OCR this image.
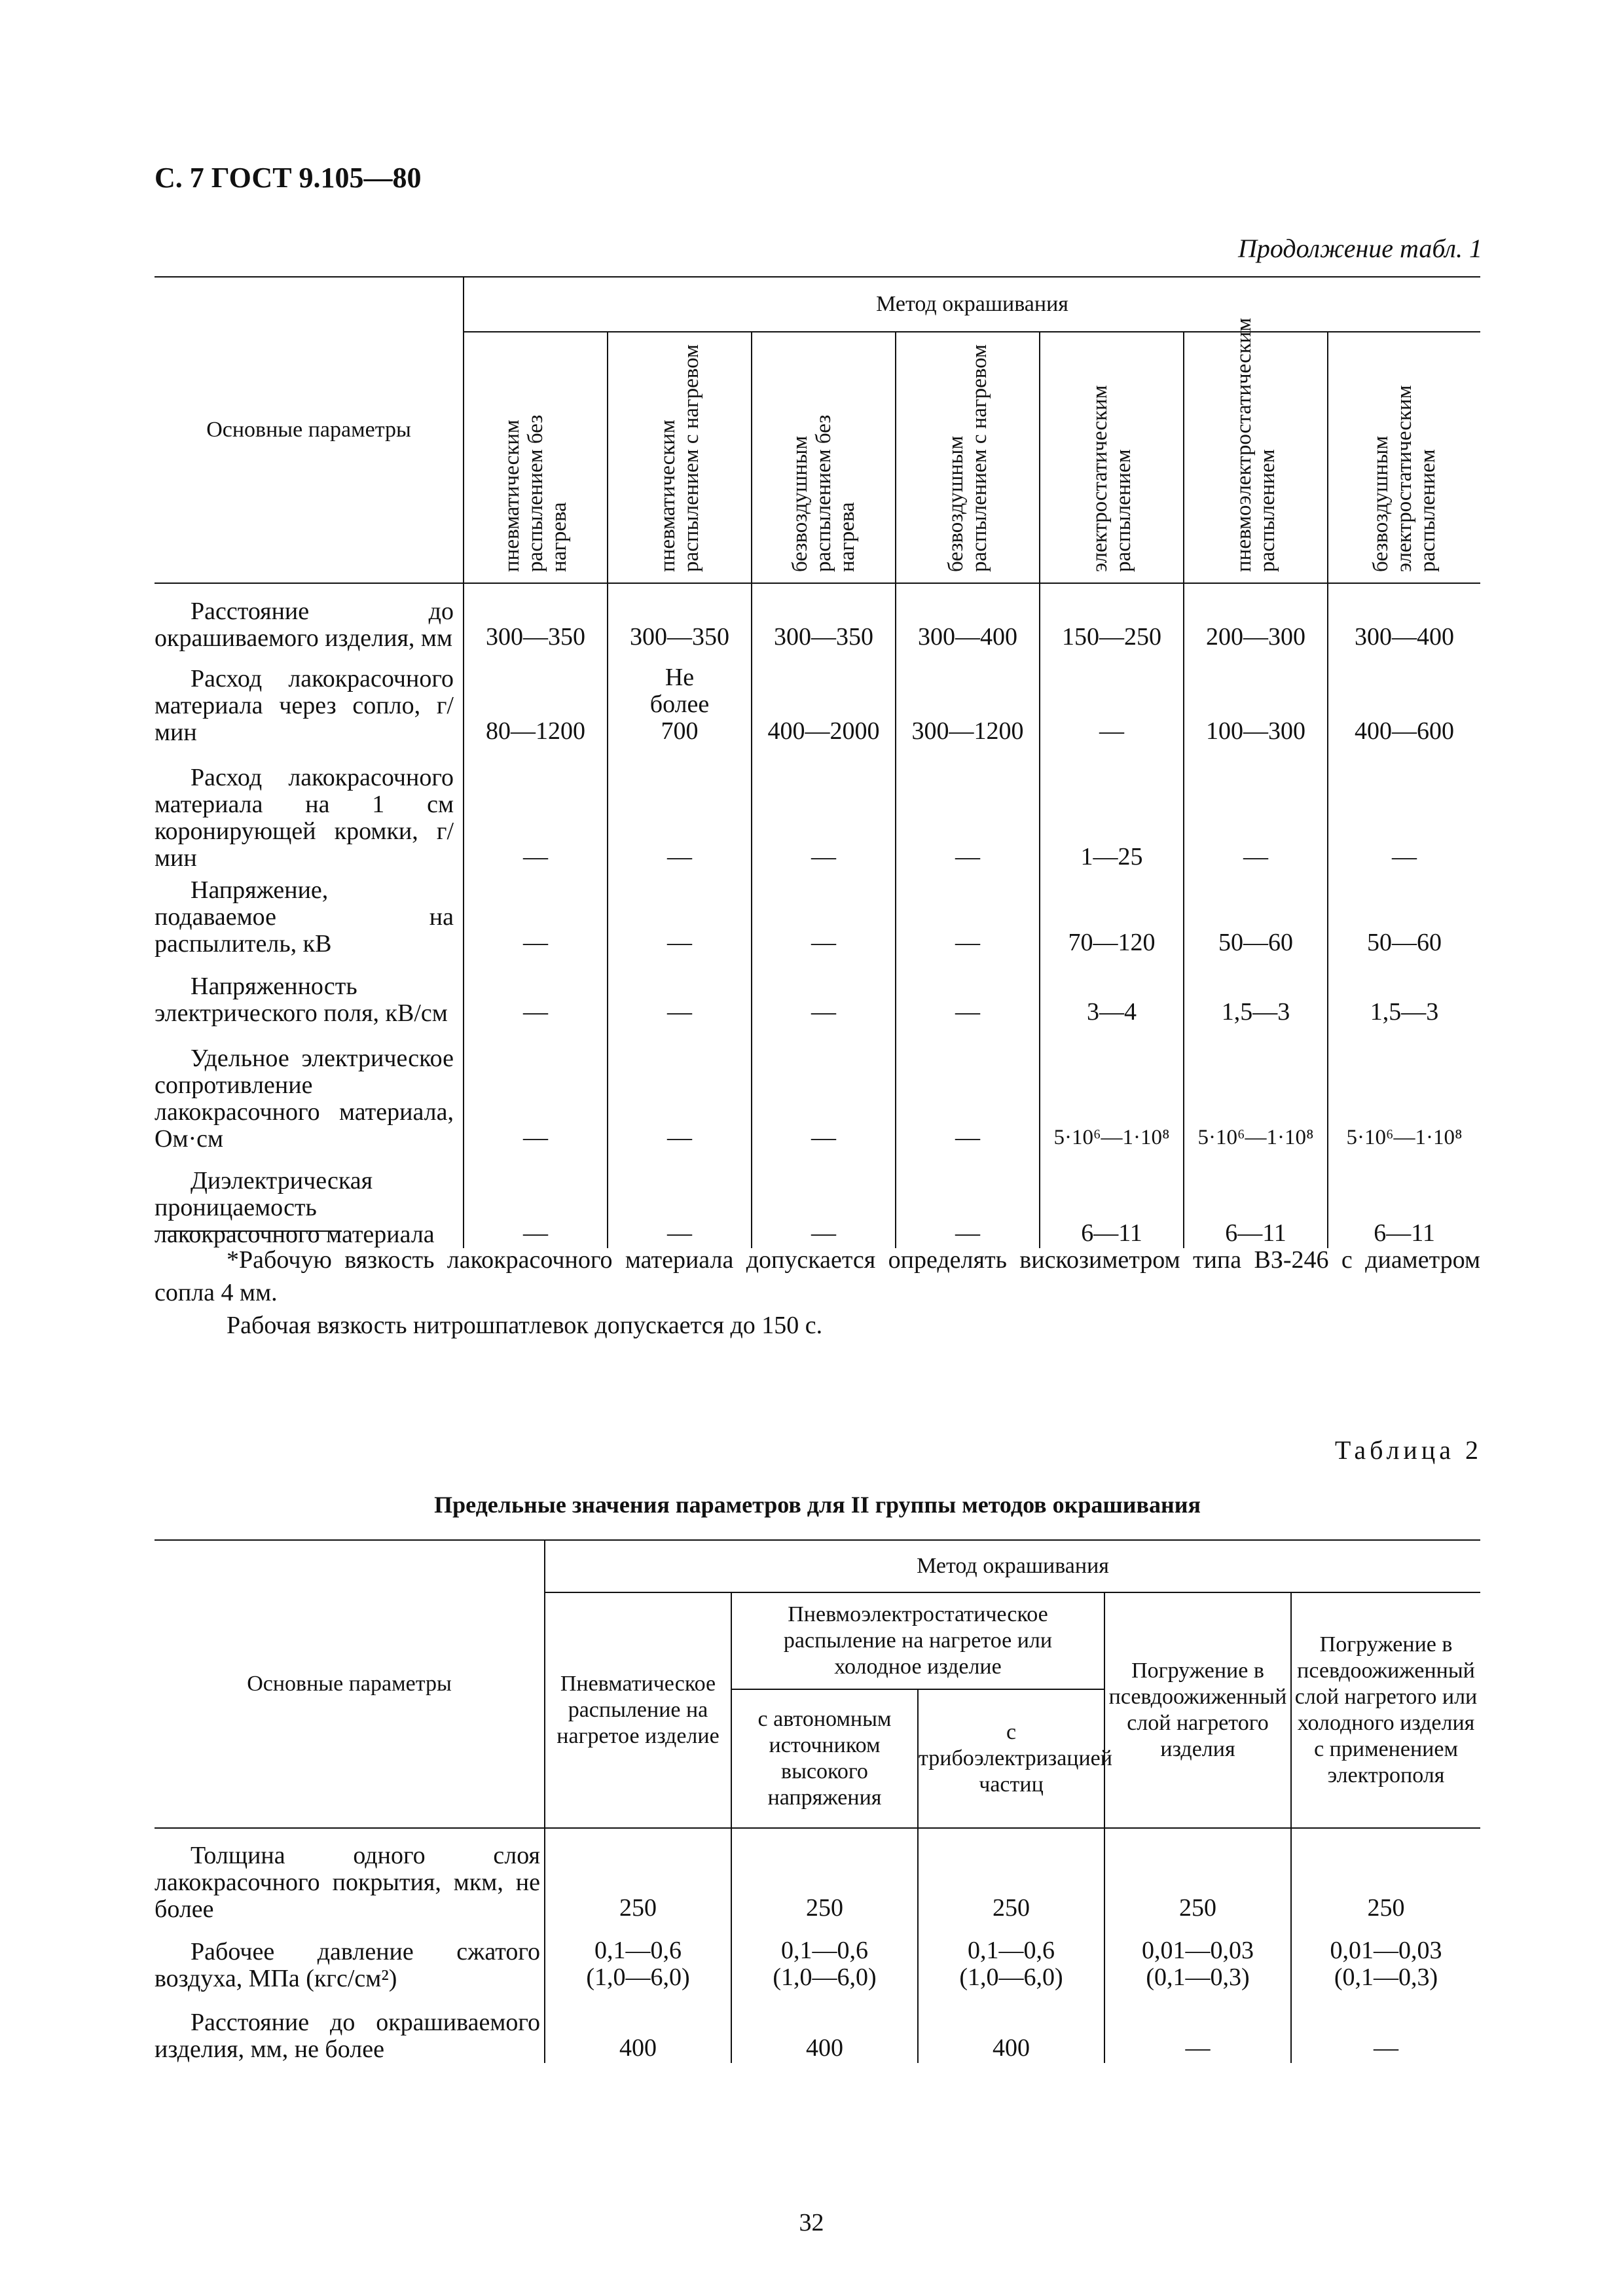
С. 7 ГОСТ 9.105—80
Продолжение табл. 1
Основные параметры	Метод окрашивания						

	пневматическим распылением без нагрева	пневматическим распылением с нагревом	безвоздушным распылением без нагрева	безвоздушным распылением с нагревом	электростатическим распылением	пневмоэлектростатическим распылением	безвоздушным электростатическим распылением

Расстояние до окрашиваемого изделия, мм	300—350	300—350	300—350	300—400	150—250	200—300	300—400

Расход лакокрасочного материала через сопло, г/мин	80—1200	Не более 700	400—2000	300—1200	—	100—300	400—600

Расход лакокрасочного материала на 1 см коронирующей кромки, г/мин	—	—	—	—	1—25	—	—

Напряжение, подаваемое на распылитель, кВ	—	—	—	—	70—120	50—60	50—60

Напряженность электрического поля, кВ/см	—	—	—	—	3—4	1,5—3	1,5—3

Удельное электрическое сопротивление лакокрасочного материала, Ом·см	—	—	—	—	5·10⁶—1·10⁸	5·10⁶—1·10⁸	5·10⁶—1·10⁸

Диэлектрическая проницаемость лакокрасочного материала	—	—	—	—	6—11	6—11	6—11

*Рабочую вязкость лакокрасочного материала допускается определять вискозиметром типа ВЗ-246 с диаметром сопла 4 мм.

Рабочая вязкость нитрошпатлевок допускается до 150 с.

Таблица 2
Предельные значения параметров для II группы методов окрашивания
Основные параметры	Метод окрашивания				
	Пневматическое распыление на нагретое изделие	Пневмоэлектростатическое распыление на нагретое или холодное изделие		Погружение в псевдоожиженный слой нагретого изделия	Погружение в псевдоожиженный слой нагретого или холодного изделия с применением электрополя
		с автономным источником высокого напряжения	с трибоэлектризацией частиц		

Толщина одного слоя лакокрасочного покрытия, мкм, не более	250	250	250	250	250

Рабочее давление сжатого воздуха, МПа (кгс/см²)	0,1—0,6 (1,0—6,0)	0,1—0,6 (1,0—6,0)	0,1—0,6 (1,0—6,0)	0,01—0,03 (0,1—0,3)	0,01—0,03 (0,1—0,3)

Расстояние до окрашиваемого изделия, мм, не более	400	400	400	—	—
32
